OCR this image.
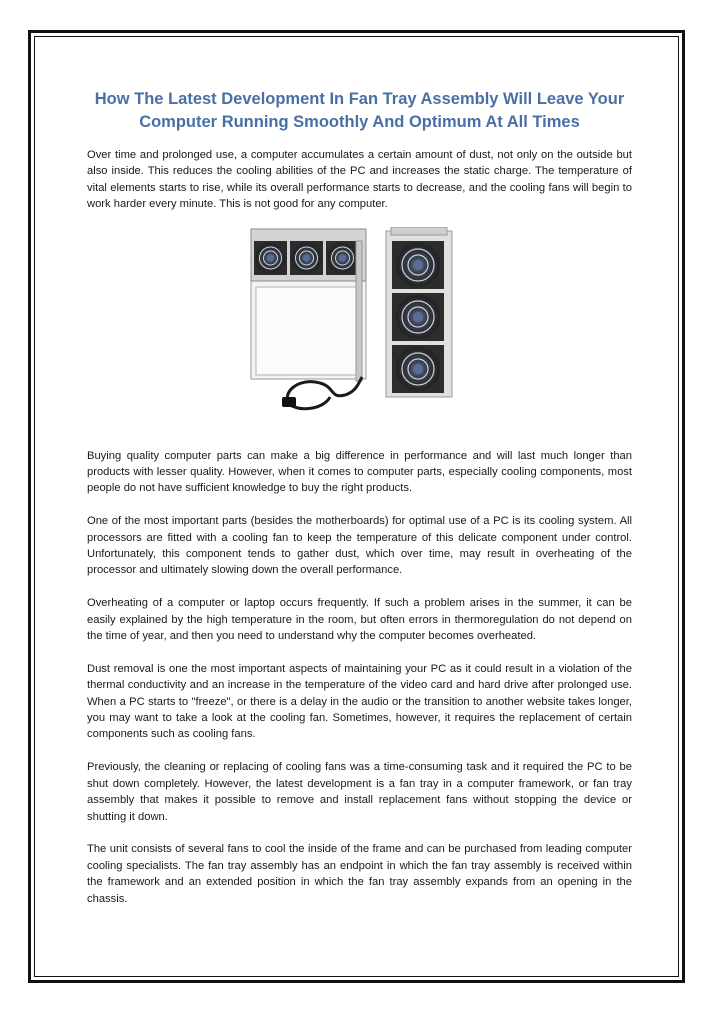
How The Latest Development In Fan Tray Assembly Will Leave Your Computer Running Smoothly And Optimum At All Times

Over time and prolonged use, a computer accumulates a certain amount of dust, not only on the outside but also inside. This reduces the cooling abilities of the PC and increases the static charge. The temperature of vital elements starts to rise, while its overall performance starts to decrease, and the cooling fans will begin to work harder every minute. This is not good for any computer.

Buying quality computer parts can make a big difference in performance and will last much longer than products with lesser quality. However, when it comes to computer parts, especially cooling components, most people do not have sufficient knowledge to buy the right products.

One of the most important parts (besides the motherboards) for optimal use of a PC is its cooling system. All processors are fitted with a cooling fan to keep the temperature of this delicate component under control. Unfortunately, this component tends to gather dust, which over time, may result in overheating of the processor and ultimately slowing down the overall performance.

Overheating of a computer or laptop occurs frequently. If such a problem arises in the summer, it can be easily explained by the high temperature in the room, but often errors in thermoregulation do not depend on the time of year, and then you need to understand why the computer becomes overheated.

Dust removal is one the most important aspects of maintaining your PC as it could result in a violation of the thermal conductivity and an increase in the temperature of the video card and hard drive after prolonged use. When a PC starts to "freeze", or there is a delay in the audio or the transition to another website takes longer, you may want to take a look at the cooling fan. Sometimes, however, it requires the replacement of certain components such as cooling fans.

Previously, the cleaning or replacing of cooling fans was a time-consuming task and it required the PC to be shut down completely. However, the latest development is a fan tray in a computer framework, or fan tray assembly that makes it possible to remove and install replacement fans without stopping the device or shutting it down.

The unit consists of several fans to cool the inside of the frame and can be purchased from leading computer cooling specialists. The fan tray assembly has an endpoint in which the fan tray assembly is received within the framework and an extended position in which the fan tray assembly expands from an opening in the chassis.
